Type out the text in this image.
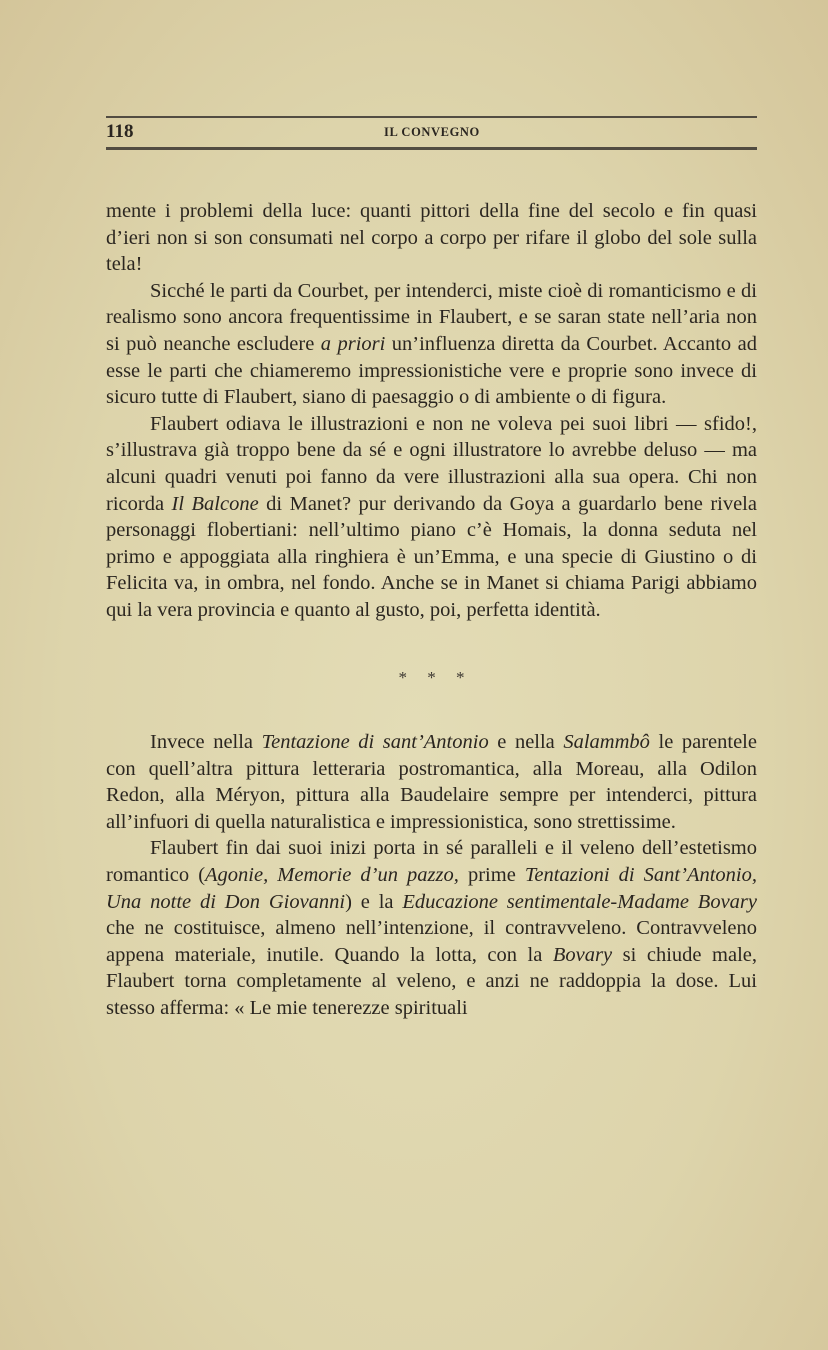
118	IL CONVEGNO

mente i problemi della luce: quanti pittori della fine del secolo e fin quasi d’ieri non si son consumati nel corpo a corpo per rifare il globo del sole sulla tela!

Sicché le parti da Courbet, per intenderci, miste cioè di romanticismo e di realismo sono ancora frequentissime in Flaubert, e se saran state nell’aria non si può neanche escludere a priori un’influenza diretta da Courbet. Accanto ad esse le parti che chiameremo impressionistiche vere e proprie sono invece di sicuro tutte di Flaubert, siano di paesaggio o di ambiente o di figura.

Flaubert odiava le illustrazioni e non ne voleva pei suoi libri — sfido!, s’illustrava già troppo bene da sé e ogni illustratore lo avrebbe deluso — ma alcuni quadri venuti poi fanno da vere illustrazioni alla sua opera. Chi non ricorda Il Balcone di Manet? pur derivando da Goya a guardarlo bene rivela personaggi flobertiani: nell’ultimo piano c’è Homais, la donna seduta nel primo e appoggiata alla ringhiera è un’Emma, e una specie di Giustino o di Felicita va, in ombra, nel fondo. Anche se in Manet si chiama Parigi abbiamo qui la vera provincia e quanto al gusto, poi, perfetta identità.

* * *

Invece nella Tentazione di sant’Antonio e nella Salammbô le parentele con quell’altra pittura letteraria postromantica, alla Moreau, alla Odilon Redon, alla Méryon, pittura alla Baudelaire sempre per intenderci, pittura all’infuori di quella naturalistica e impressionistica, sono strettissime.

Flaubert fin dai suoi inizi porta in sé paralleli e il veleno dell’estetismo romantico (Agonie, Memorie d’un pazzo, prime Tentazioni di Sant’Antonio, Una notte di Don Giovanni) e la Educazione sentimentale-Madame Bovary che ne costituisce, almeno nell’intenzione, il contravveleno. Contravveleno appena materiale, inutile. Quando la lotta, con la Bovary si chiude male, Flaubert torna completamente al veleno, e anzi ne raddoppia la dose. Lui stesso afferma: « Le mie tenerezze spirituali
